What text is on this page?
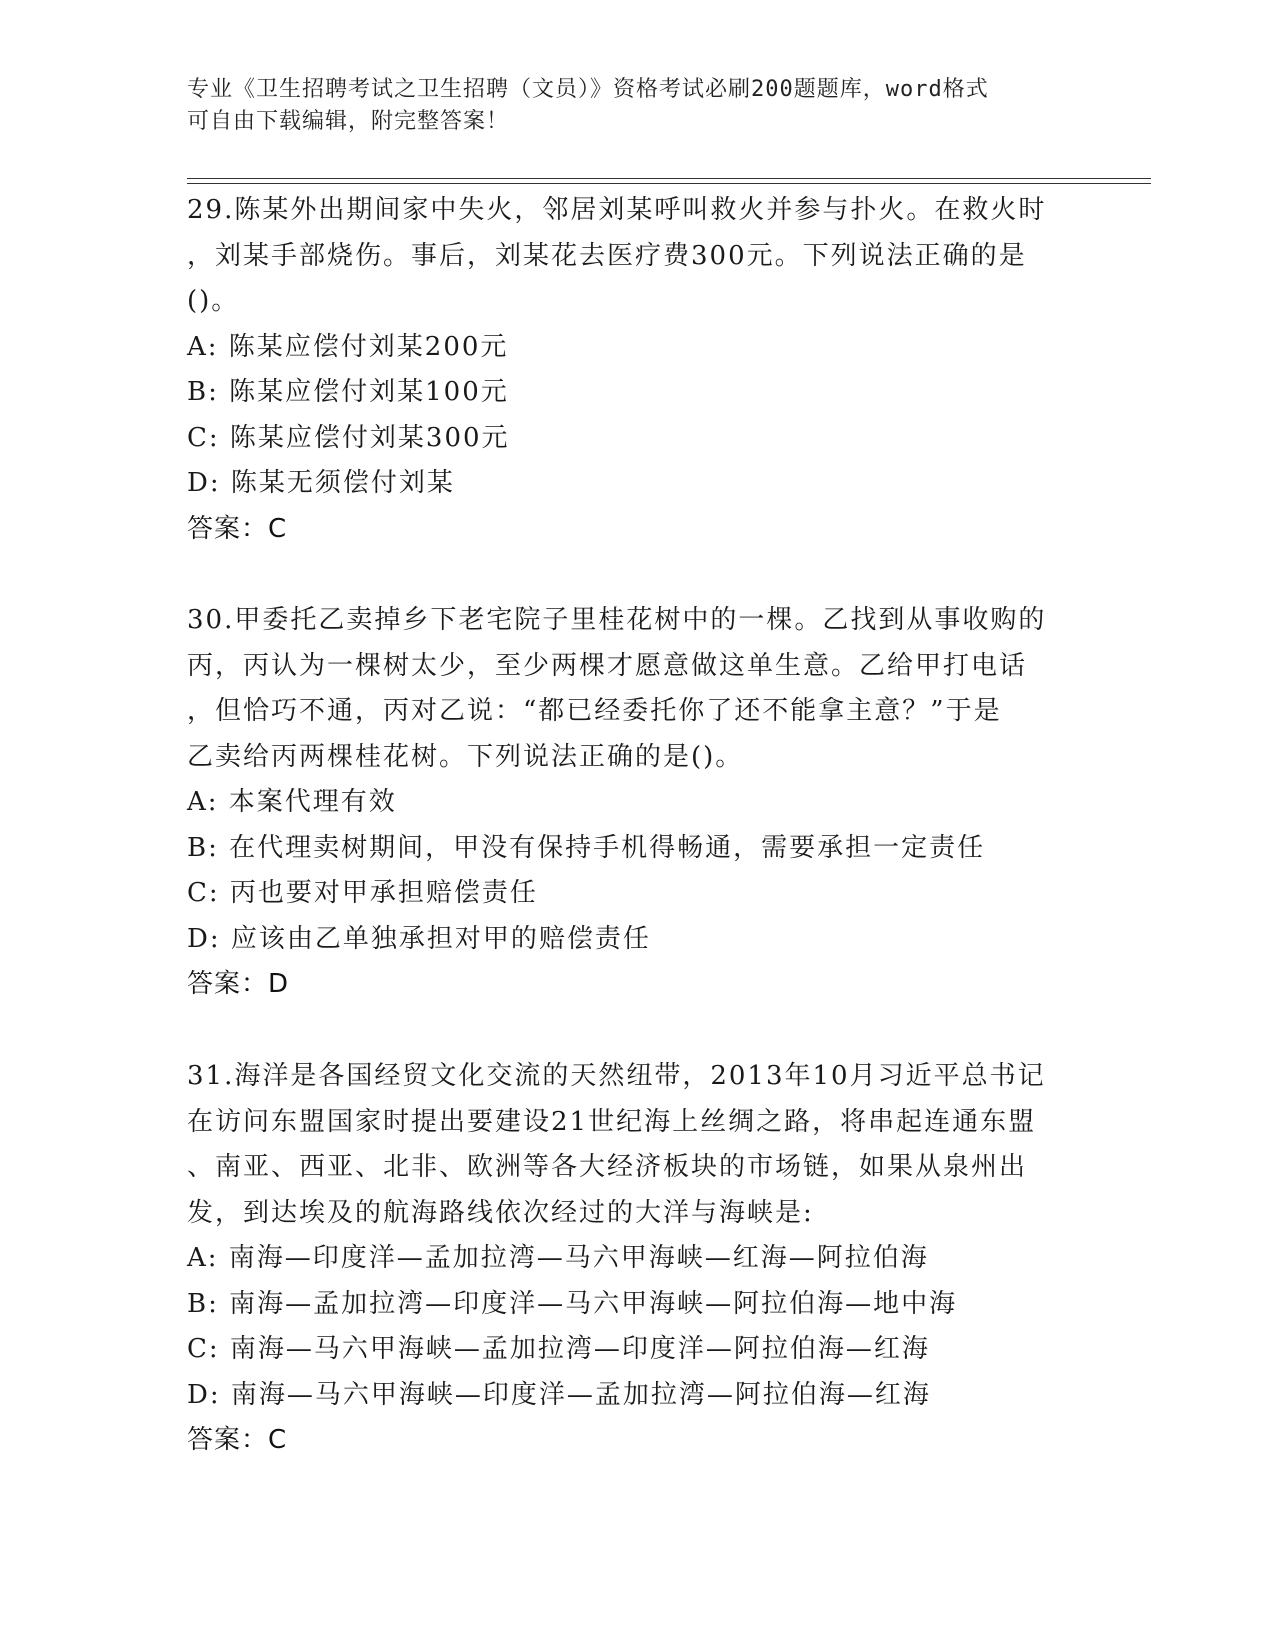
专业《卫生招聘考试之卫生招聘（文员）》资格考试必刷200题题库，word格式
可自由下载编辑，附完整答案！
29.陈某外出期间家中失火，邻居刘某呼叫救火并参与扑火。在救火时
，刘某手部烧伤。事后，刘某花去医疗费300元。下列说法正确的是
()。
A: 陈某应偿付刘某200元
B: 陈某应偿付刘某100元
C: 陈某应偿付刘某300元
D: 陈某无须偿付刘某
答案：C
30.甲委托乙卖掉乡下老宅院子里桂花树中的一棵。乙找到从事收购的
丙，丙认为一棵树太少，至少两棵才愿意做这单生意。乙给甲打电话
，但恰巧不通，丙对乙说：“都已经委托你了还不能拿主意？”于是
乙卖给丙两棵桂花树。下列说法正确的是()。
A: 本案代理有效
B: 在代理卖树期间，甲没有保持手机得畅通，需要承担一定责任
C: 丙也要对甲承担赔偿责任
D: 应该由乙单独承担对甲的赔偿责任
答案：D
31.海洋是各国经贸文化交流的天然纽带，2013年10月习近平总书记
在访问东盟国家时提出要建设21世纪海上丝绸之路，将串起连通东盟
、南亚、西亚、北非、欧洲等各大经济板块的市场链，如果从泉州出
发，到达埃及的航海路线依次经过的大洋与海峡是:
A: 南海—印度洋—孟加拉湾—马六甲海峡—红海—阿拉伯海
B: 南海—孟加拉湾—印度洋—马六甲海峡—阿拉伯海—地中海
C: 南海—马六甲海峡—孟加拉湾—印度洋—阿拉伯海—红海
D: 南海—马六甲海峡—印度洋—孟加拉湾—阿拉伯海—红海
答案：C
